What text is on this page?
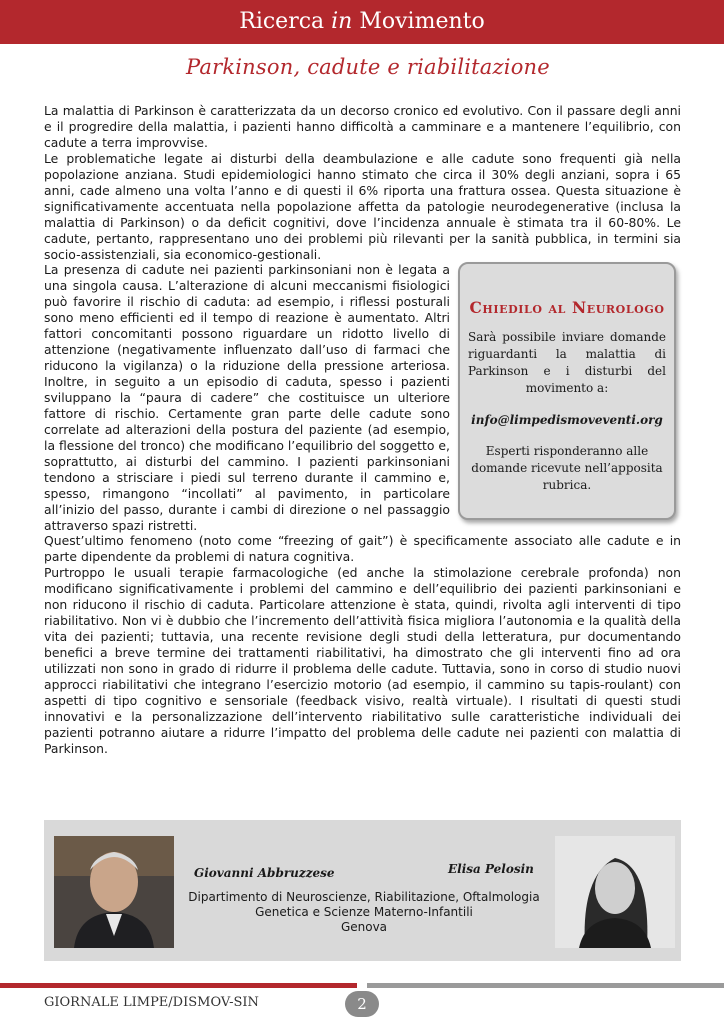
Ricerca in Movimento
Parkinson, cadute e riabilitazione

La malattia di Parkinson è caratterizzata da un decorso cronico ed evolutivo. Con il passare degli anni e il progredire della malattia, i pazienti hanno difficoltà a camminare e a mantenere l’equilibrio, con cadute a terra improvvise.

Le problematiche legate ai disturbi della deambulazione e alle cadute sono frequenti già nella popolazione anziana. Studi epidemiologici hanno stimato che circa il 30% degli anziani, sopra i 65 anni, cade almeno una volta l’anno e di questi il 6% riporta una frattura ossea. Questa situazione è significativamente accentuata nella popolazione affetta da patologie neurodegenerative (inclusa la malattia di Parkinson) o da deficit cognitivi, dove l’incidenza annuale è stimata tra il 60-80%. Le cadute, pertanto, rappresentano uno dei problemi più rilevanti per la sanità pubblica, in termini sia socio-assistenziali, sia economico-gestionali.

La presenza di cadute nei pazienti parkinsoniani non è legata a una singola causa. L’alterazione di alcuni meccanismi fisiologici può favorire il rischio di caduta: ad esempio, i riflessi posturali sono meno efficienti ed il tempo di reazione è aumentato. Altri fattori concomitanti possono riguardare un ridotto livello di attenzione (negativamente influenzato dall’uso di farmaci che riducono la vigilanza) o la riduzione della pressione arteriosa. Inoltre, in seguito a un episodio di caduta, spesso i pazienti sviluppano la “paura di cadere” che costituisce un ulteriore fattore di rischio. Certamente gran parte delle cadute sono correlate ad alterazioni della postura del paziente (ad esempio, la flessione del tronco) che modificano l’equilibrio del soggetto e, soprattutto, ai disturbi del cammino. I pazienti parkinsoniani tendono a strisciare i piedi sul terreno durante il cammino e, spesso, rimangono “incollati” al pavimento, in particolare all’inizio del passo, durante i cambi di direzione o nel passaggio attraverso spazi ristretti.

Chiedilo al Neurologo
Sarà possibile inviare domande riguardanti la malattia di Parkinson e i disturbi del movimento a:
info@limpedismoveventi.org
Esperti risponderanno alle domande ricevute nell’apposita rubrica.

Quest’ultimo fenomeno (noto come “freezing of gait”) è specificamente associato alle cadute e in parte dipendente da problemi di natura cognitiva.

Purtroppo le usuali terapie farmacologiche (ed anche la stimolazione cerebrale profonda) non modificano significativamente i problemi del cammino e dell’equilibrio dei pazienti parkinsoniani e non riducono il rischio di caduta. Particolare attenzione è stata, quindi, rivolta agli interventi di tipo riabilitativo. Non vi è dubbio che l’incremento dell’attività fisica migliora l’autonomia e la qualità della vita dei pazienti; tuttavia, una recente revisione degli studi della letteratura, pur documentando benefici a breve termine dei trattamenti riabilitativi, ha dimostrato che gli interventi fino ad ora utilizzati non sono in grado di ridurre il problema delle cadute. Tuttavia, sono in corso di studio nuovi approcci riabilitativi che integrano l’esercizio motorio (ad esempio, il cammino su tapis-roulant) con aspetti di tipo cognitivo e sensoriale (feedback visivo, realtà virtuale). I risultati di questi studi innovativi e la personalizzazione dell’intervento riabilitativo sulle caratteristiche individuali dei pazienti potranno aiutare a ridurre l’impatto del problema delle cadute nei pazienti con malattia di Parkinson.

Giovanni Abbruzzese	Elisa Pelosin
Dipartimento di Neuroscienze, Riabilitazione, Oftalmologia
Genetica e Scienze Materno-Infantili
Genova
GIORNALE LIMPE/DISMOV-SIN	2
